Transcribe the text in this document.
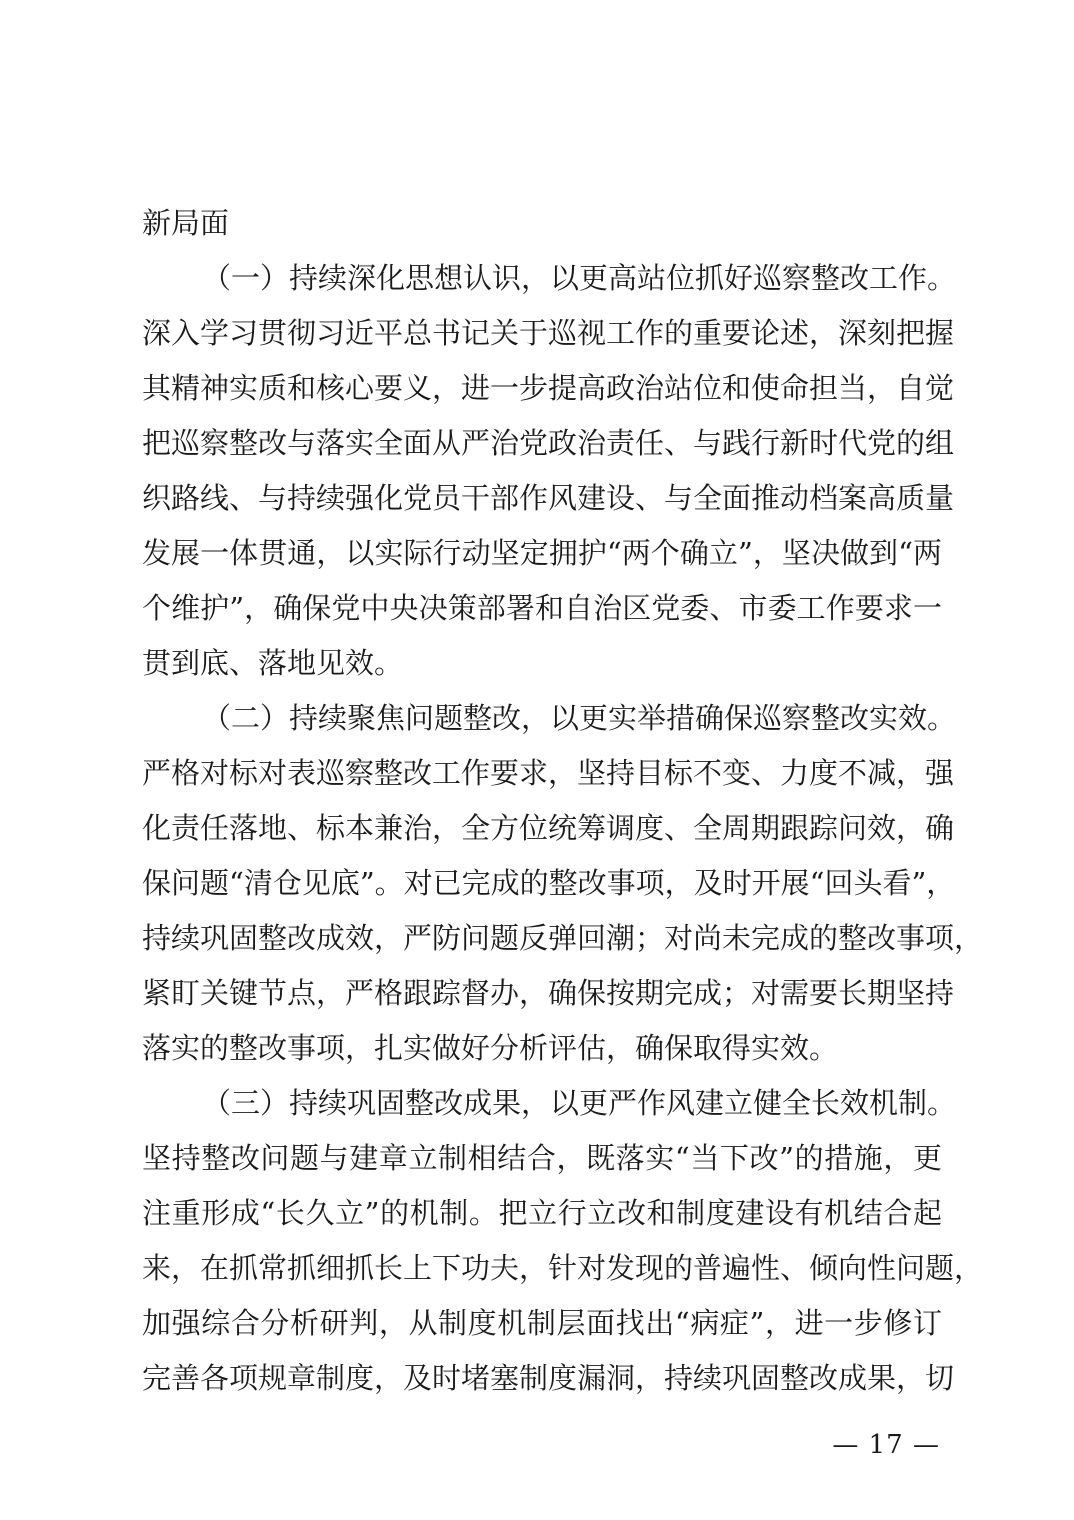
新局面
（一）持续深化思想认识，以更高站位抓好巡察整改工作。
深入学习贯彻习近平总书记关于巡视工作的重要论述，深刻把握
其精神实质和核心要义，进一步提高政治站位和使命担当，自觉
把巡察整改与落实全面从严治党政治责任、与践行新时代党的组
织路线、与持续强化党员干部作风建设、与全面推动档案高质量
发展一体贯通，以实际行动坚定拥护“两个确立”，坚决做到“两
个维护”，确保党中央决策部署和自治区党委、市委工作要求一
贯到底、落地见效。
（二）持续聚焦问题整改，以更实举措确保巡察整改实效。
严格对标对表巡察整改工作要求，坚持目标不变、力度不减，强
化责任落地、标本兼治，全方位统筹调度、全周期跟踪问效，确
保问题“清仓见底”。对已完成的整改事项，及时开展“回头看”，
持续巩固整改成效，严防问题反弹回潮；对尚未完成的整改事项，
紧盯关键节点，严格跟踪督办，确保按期完成；对需要长期坚持
落实的整改事项，扎实做好分析评估，确保取得实效。
（三）持续巩固整改成果，以更严作风建立健全长效机制。
坚持整改问题与建章立制相结合，既落实“当下改”的措施，更
注重形成“长久立”的机制。把立行立改和制度建设有机结合起
来，在抓常抓细抓长上下功夫，针对发现的普遍性、倾向性问题，
加强综合分析研判，从制度机制层面找出“病症”，进一步修订
完善各项规章制度，及时堵塞制度漏洞，持续巩固整改成果，切
— 17 —
